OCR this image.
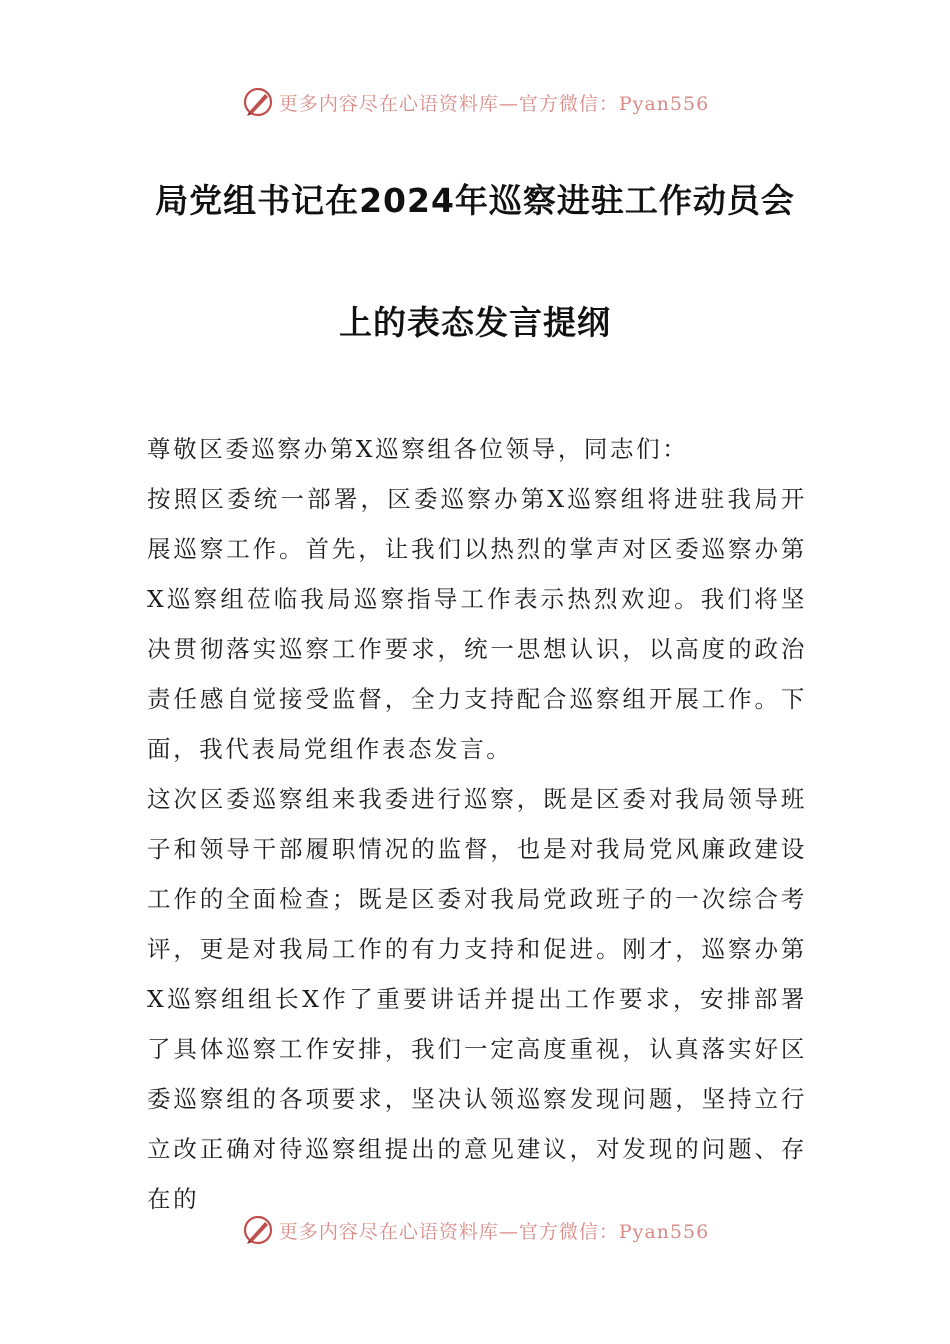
更多内容尽在心语资料库—官方微信：Pyan556
局党组书记在2024年巡察进驻工作动员会
上的表态发言提纲

尊敬区委巡察办第X巡察组各位领导，同志们：

按照区委统一部署，区委巡察办第X巡察组将进驻我局开展巡察工作。首先，让我们以热烈的掌声对区委巡察办第X巡察组莅临我局巡察指导工作表示热烈欢迎。我们将坚决贯彻落实巡察工作要求，统一思想认识，以高度的政治责任感自觉接受监督，全力支持配合巡察组开展工作。下面，我代表局党组作表态发言。

这次区委巡察组来我委进行巡察，既是区委对我局领导班子和领导干部履职情况的监督，也是对我局党风廉政建设工作的全面检查；既是区委对我局党政班子的一次综合考评，更是对我局工作的有力支持和促进。刚才，巡察办第X巡察组组长X作了重要讲话并提出工作要求，安排部署了具体巡察工作安排，我们一定高度重视，认真落实好区委巡察组的各项要求，坚决认领巡察发现问题，坚持立行立改正确对待巡察组提出的意见建议，对发现的问题、存在的

更多内容尽在心语资料库—官方微信：Pyan556
